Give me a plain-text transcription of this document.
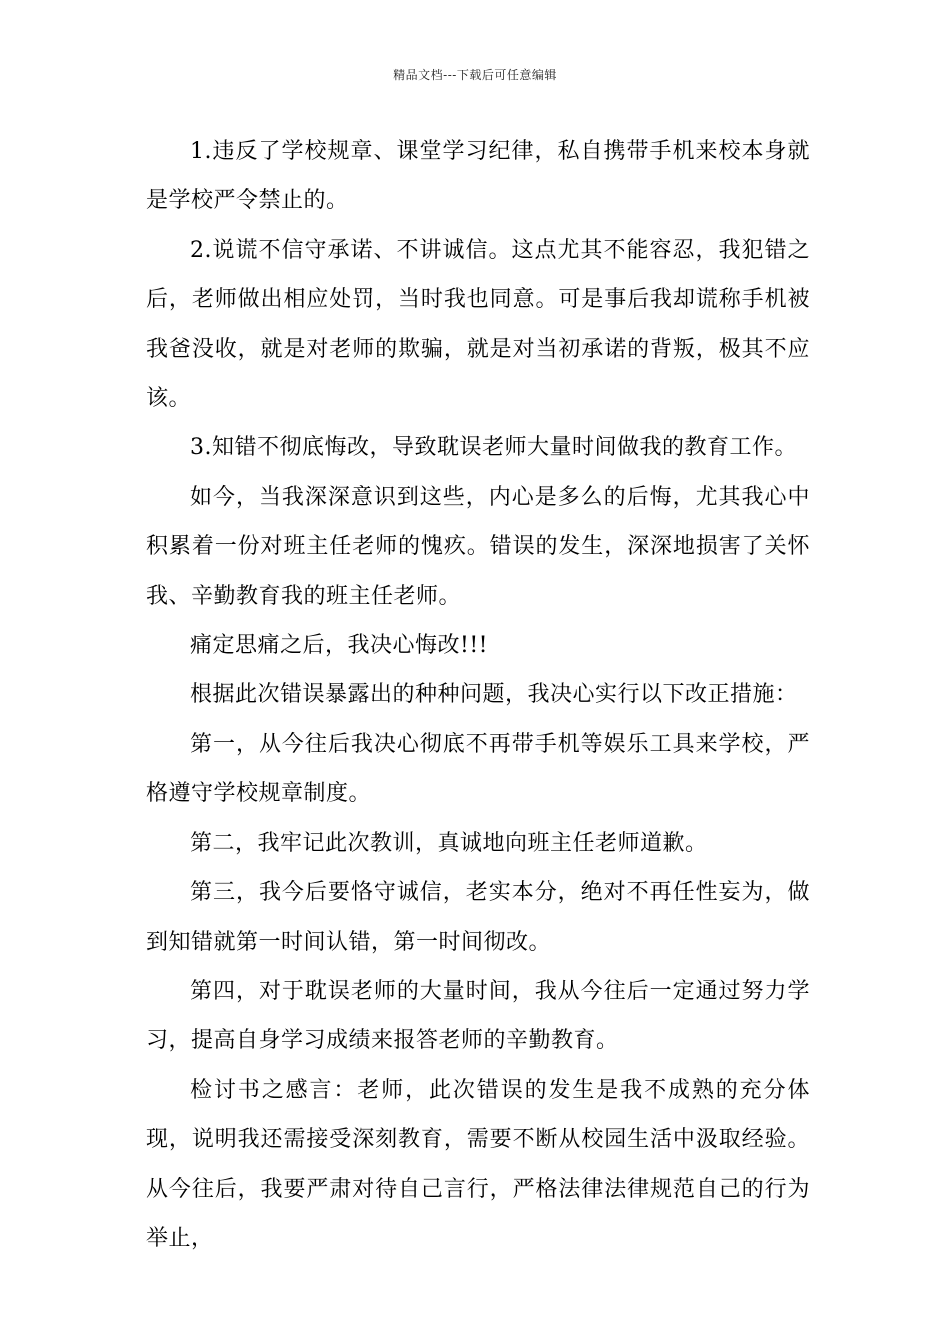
精品文档---下载后可任意编辑

1.违反了学校规章、课堂学习纪律，私自携带手机来校本身就是学校严令禁止的。

2.说谎不信守承诺、不讲诚信。这点尤其不能容忍，我犯错之后，老师做出相应处罚，当时我也同意。可是事后我却谎称手机被我爸没收，就是对老师的欺骗，就是对当初承诺的背叛，极其不应该。

3.知错不彻底悔改，导致耽误老师大量时间做我的教育工作。

如今，当我深深意识到这些，内心是多么的后悔，尤其我心中积累着一份对班主任老师的愧疚。错误的发生，深深地损害了关怀我、辛勤教育我的班主任老师。

痛定思痛之后，我决心悔改!!!

根据此次错误暴露出的种种问题，我决心实行以下改正措施：

第一，从今往后我决心彻底不再带手机等娱乐工具来学校，严格遵守学校规章制度。

第二，我牢记此次教训，真诚地向班主任老师道歉。

第三，我今后要恪守诚信，老实本分，绝对不再任性妄为，做到知错就第一时间认错，第一时间彻改。

第四，对于耽误老师的大量时间，我从今往后一定通过努力学习，提高自身学习成绩来报答老师的辛勤教育。

检讨书之感言：老师，此次错误的发生是我不成熟的充分体现，说明我还需接受深刻教育，需要不断从校园生活中汲取经验。从今往后，我要严肃对待自己言行，严格法律法律规范自己的行为举止，
